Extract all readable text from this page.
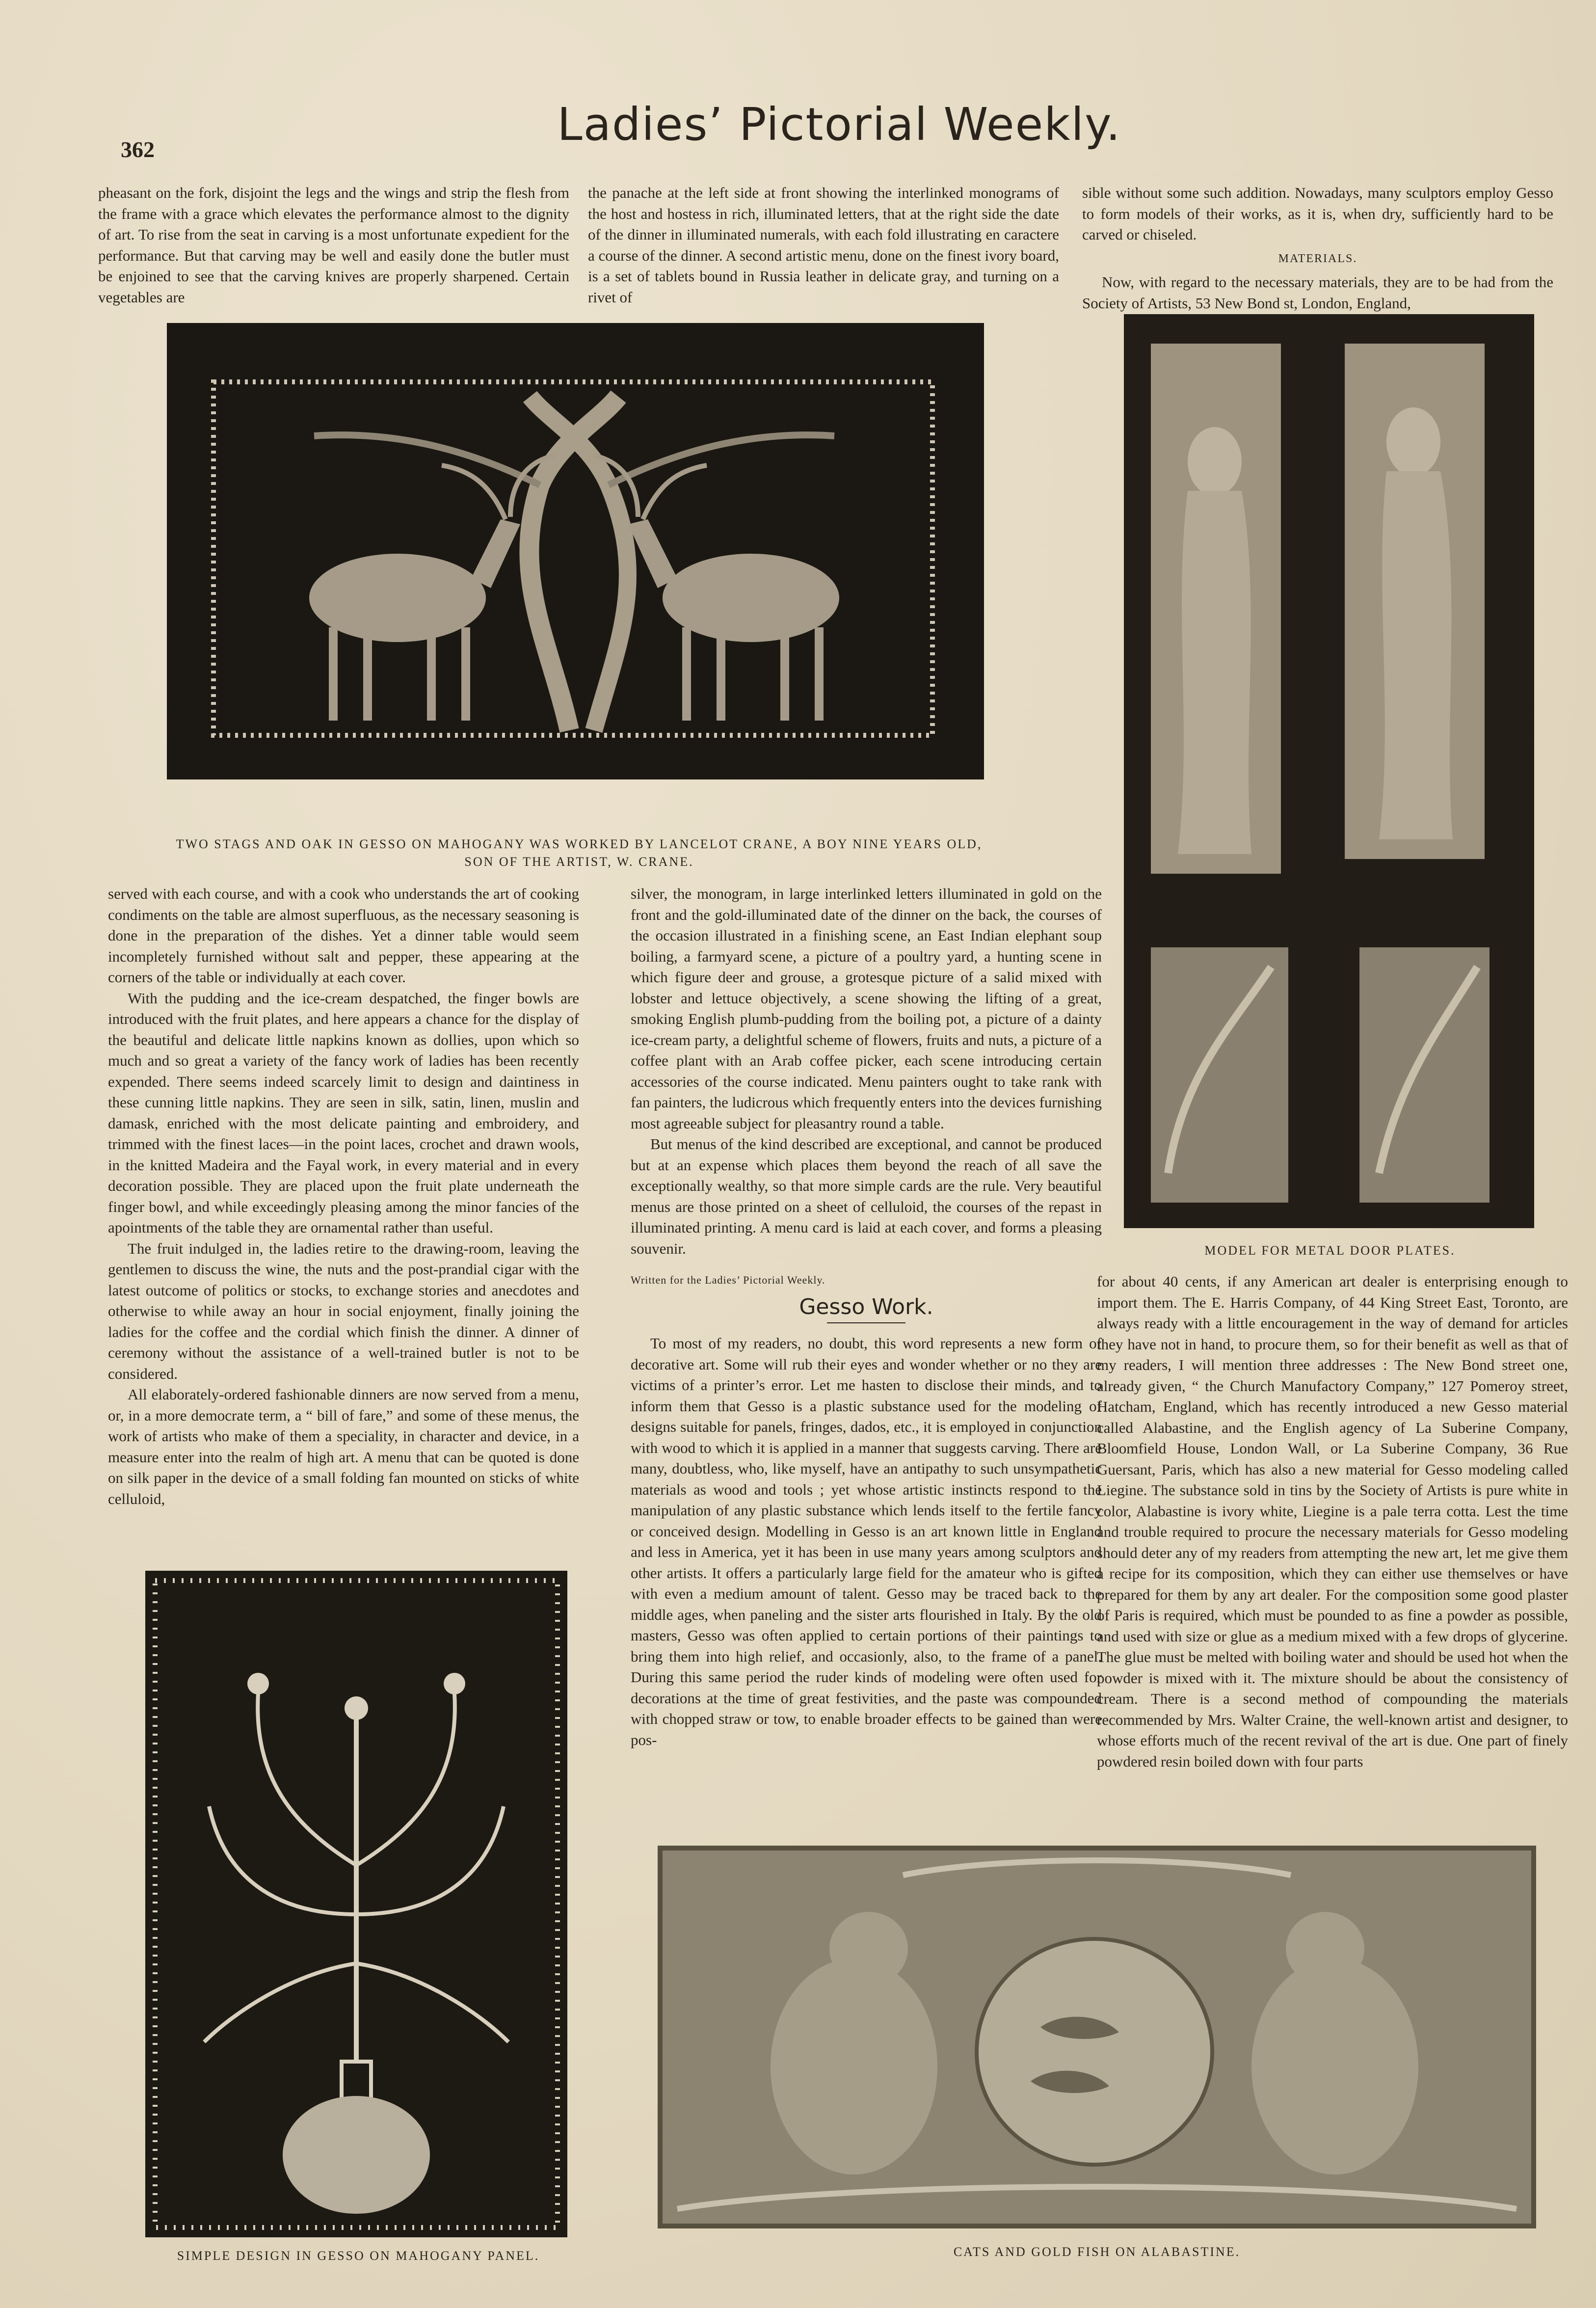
362	Ladies’ Pictorial Weekly.

pheasant on the fork, disjoint the legs and the wings and strip the flesh from the frame with a grace which elevates the performance almost to the dignity of art. To rise from the seat in carving is a most unfortunate expedient for the performance. But that carving may be well and easily done the butler must be enjoined to see that the carving knives are properly sharpened. Certain vegetables are

the panache at the left side at front showing the interlinked monograms of the host and hostess in rich, illuminated letters, that at the right side the date of the dinner in illuminated numerals, with each fold illustrating en caractere a course of the dinner. A second artistic menu, done on the finest ivory board, is a set of tablets bound in Russia leather in delicate gray, and turning on a rivet of

sible without some such addition. Nowadays, many sculptors employ Gesso to form models of their works, as it is, when dry, sufficiently hard to be carved or chiseled.

MATERIALS.

Now, with regard to the necessary materials, they are to be had from the Society of Artists, 53 New Bond st, London, England,

TWO STAGS AND OAK IN GESSO ON MAHOGANY WAS WORKED BY LANCELOT CRANE, A BOY NINE YEARS OLD,
SON OF THE ARTIST, W. CRANE.
MODEL FOR METAL DOOR PLATES.

served with each course, and with a cook who understands the art of cooking condiments on the table are almost superfluous, as the necessary seasoning is done in the preparation of the dishes. Yet a dinner table would seem incompletely furnished without salt and pepper, these appearing at the corners of the table or individually at each cover.

With the pudding and the ice-cream despatched, the finger bowls are introduced with the fruit plates, and here appears a chance for the display of the beautiful and delicate little napkins known as dollies, upon which so much and so great a variety of the fancy work of ladies has been recently expended. There seems indeed scarcely limit to design and daintiness in these cunning little napkins. They are seen in silk, satin, linen, muslin and damask, enriched with the most delicate painting and embroidery, and trimmed with the finest laces—in the point laces, crochet and drawn wools, in the knitted Madeira and the Fayal work, in every material and in every decoration possible. They are placed upon the fruit plate underneath the finger bowl, and while exceedingly pleasing among the minor fancies of the apointments of the table they are ornamental rather than useful.

The fruit indulged in, the ladies retire to the drawing-room, leaving the gentlemen to discuss the wine, the nuts and the post-prandial cigar with the latest outcome of politics or stocks, to exchange stories and anecdotes and otherwise to while away an hour in social enjoyment, finally joining the ladies for the coffee and the cordial which finish the dinner. A dinner of ceremony without the assistance of a well-trained butler is not to be considered.

All elaborately-ordered fashionable dinners are now served from a menu, or, in a more democrate term, a “ bill of fare,” and some of these menus, the work of artists who make of them a speciality, in character and device, in a measure enter into the realm of high art. A menu that can be quoted is done on silk paper in the device of a small folding fan mounted on sticks of white celluloid,

silver, the monogram, in large interlinked letters illuminated in gold on the front and the gold-illuminated date of the dinner on the back, the courses of the occasion illustrated in a finishing scene, an East Indian elephant soup boiling, a farmyard scene, a picture of a poultry yard, a hunting scene in which figure deer and grouse, a grotesque picture of a salid mixed with lobster and lettuce objectively, a scene showing the lifting of a great, smoking English plumb-pudding from the boiling pot, a picture of a dainty ice-cream party, a delightful scheme of flowers, fruits and nuts, a picture of a coffee plant with an Arab coffee picker, each scene introducing certain accessories of the course indicated. Menu painters ought to take rank with fan painters, the ludicrous which frequently enters into the devices furnishing most agreeable subject for pleasantry round a table.

But menus of the kind described are exceptional, and cannot be produced but at an expense which places them beyond the reach of all save the exceptionally wealthy, so that more simple cards are the rule. Very beautiful menus are those printed on a sheet of celluloid, the courses of the repast in illuminated printing. A menu card is laid at each cover, and forms a pleasing souvenir.

Written for the Ladies’ Pictorial Weekly.
Gesso Work.

To most of my readers, no doubt, this word represents a new form of decorative art. Some will rub their eyes and wonder whether or no they are victims of a printer’s error. Let me hasten to disclose their minds, and to inform them that Gesso is a plastic substance used for the modeling of designs suitable for panels, fringes, dados, etc., it is employed in conjunction with wood to which it is applied in a manner that suggests carving. There are many, doubtless, who, like myself, have an antipathy to such unsympathetic materials as wood and tools ; yet whose artistic instincts respond to the manipulation of any plastic substance which lends itself to the fertile fancy or conceived design. Modelling in Gesso is an art known little in England and less in America, yet it has been in use many years among sculptors and other artists. It offers a particularly large field for the amateur who is gifted with even a medium amount of talent. Gesso may be traced back to the middle ages, when paneling and the sister arts flourished in Italy. By the old masters, Gesso was often applied to certain portions of their paintings to bring them into high relief, and occasionly, also, to the frame of a panel. During this same period the ruder kinds of modeling were often used for decorations at the time of great festivities, and the paste was compounded with chopped straw or tow, to enable broader effects to be gained than were pos-

for about 40 cents, if any American art dealer is enterprising enough to import them. The E. Harris Company, of 44 King Street East, Toronto, are always ready with a little encouragement in the way of demand for articles they have not in hand, to procure them, so for their benefit as well as that of my readers, I will mention three addresses : The New Bond street one, already given, “ the Church Manufactory Company,” 127 Pomeroy street, Hatcham, England, which has recently introduced a new Gesso material called Alabastine, and the English agency of La Suberine Company, Bloomfield House, London Wall, or La Suberine Company, 36 Rue Guersant, Paris, which has also a new material for Gesso modeling called Liegine. The substance sold in tins by the Society of Artists is pure white in color, Alabastine is ivory white, Liegine is a pale terra cotta. Lest the time and trouble required to procure the necessary materials for Gesso modeling should deter any of my readers from attempting the new art, let me give them a recipe for its composition, which they can either use themselves or have prepared for them by any art dealer. For the composition some good plaster of Paris is required, which must be pounded to as fine a powder as possible, and used with size or glue as a medium mixed with a few drops of glycerine. The glue must be melted with boiling water and should be used hot when the powder is mixed with it. The mixture should be about the consistency of cream. There is a second method of compounding the materials recommended by Mrs. Walter Craine, the well-known artist and designer, to whose efforts much of the recent revival of the art is due. One part of finely powdered resin boiled down with four parts

SIMPLE DESIGN IN GESSO ON MAHOGANY PANEL.	CATS AND GOLD FISH ON ALABASTINE.
